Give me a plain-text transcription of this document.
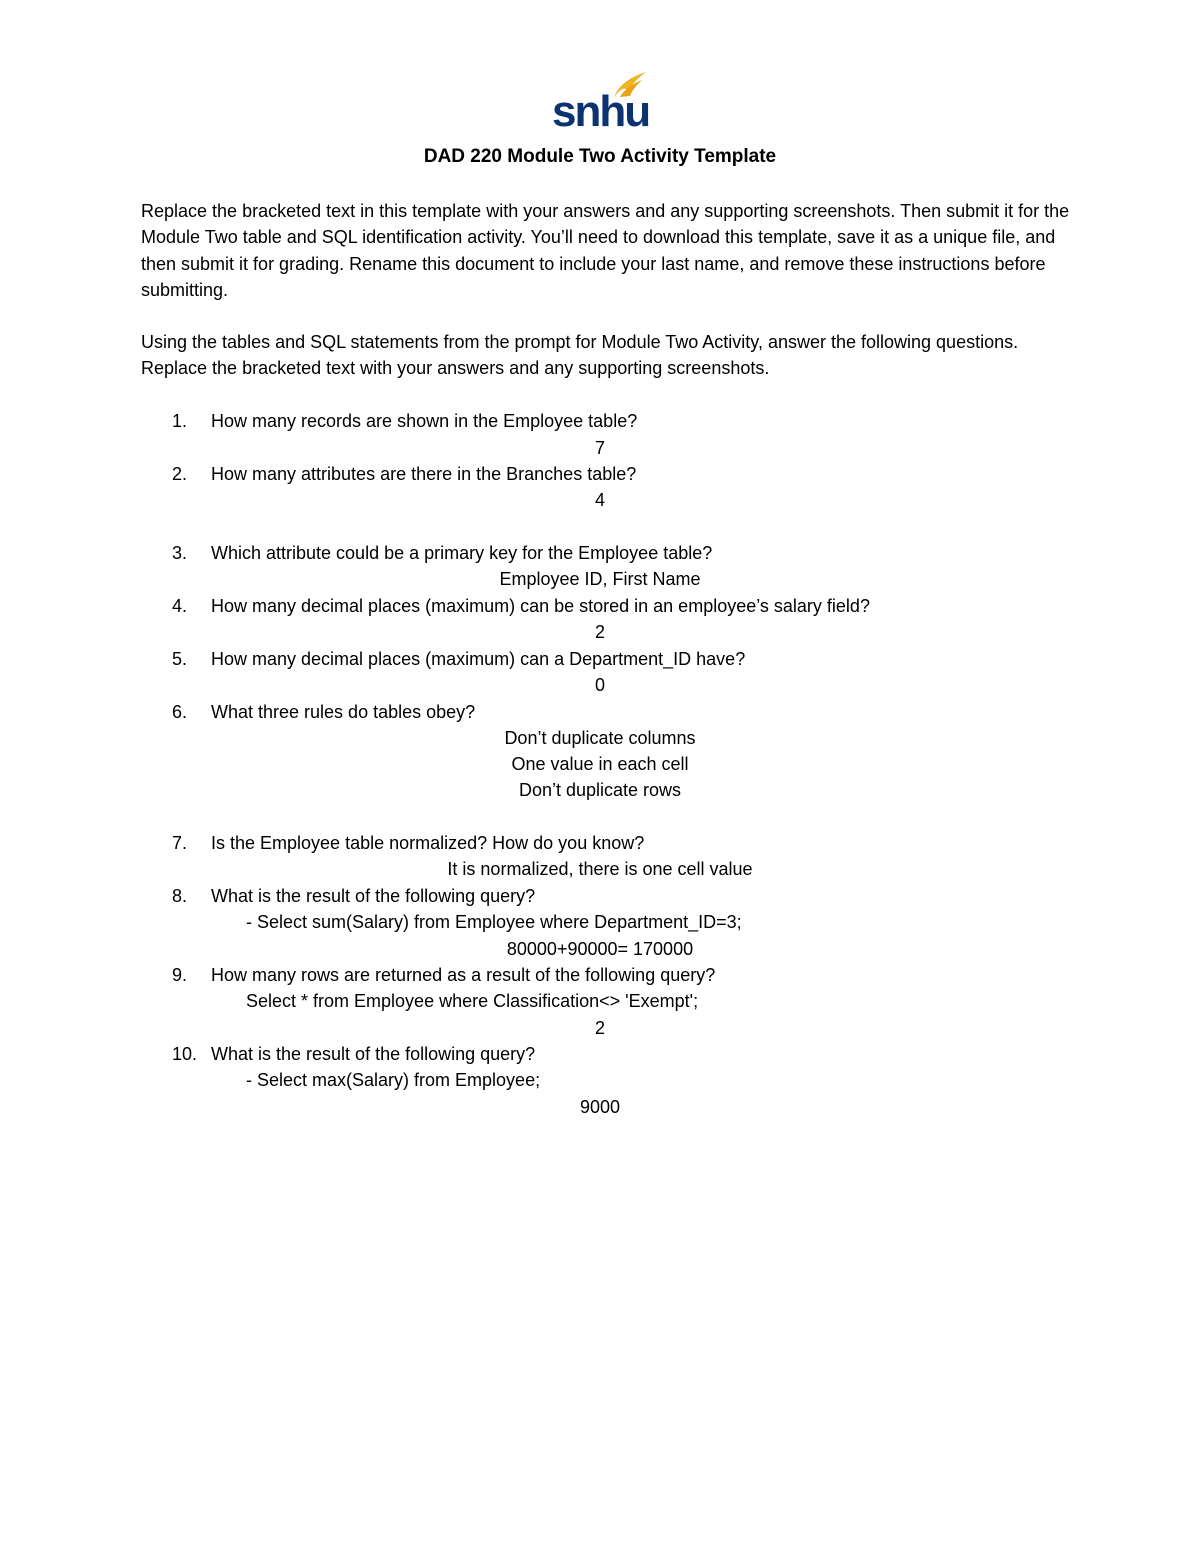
snhu
DAD 220 Module Two Activity Template

Replace the bracketed text in this template with your answers and any supporting screenshots. Then submit it for the Module Two table and SQL identification activity. You’ll need to download this template, save it as a unique file, and then submit it for grading. Rename this document to include your last name, and remove these instructions before submitting.

Using the tables and SQL statements from the prompt for Module Two Activity, answer the following questions. Replace the bracketed text with your answers and any supporting screenshots.

1.	How many records are shown in the Employee table?
7
2.	How many attributes are there in the Branches table?
4
3.	Which attribute could be a primary key for the Employee table?
Employee ID, First Name
4.	How many decimal places (maximum) can be stored in an employee’s salary field?
2
5.	How many decimal places (maximum) can a Department_ID have?
0
6.	What three rules do tables obey?
Don’t duplicate columns
One value in each cell
Don’t duplicate rows
7.	Is the Employee table normalized? How do you know?
It is normalized, there is one cell value
8.	What is the result of the following query?
- Select sum(Salary) from Employee where Department_ID=3;
80000+90000= 170000
9.	How many rows are returned as a result of the following query?
Select * from Employee where Classification<> 'Exempt';
2
10. What is the result of the following query?
- Select max(Salary) from Employee;
9000
